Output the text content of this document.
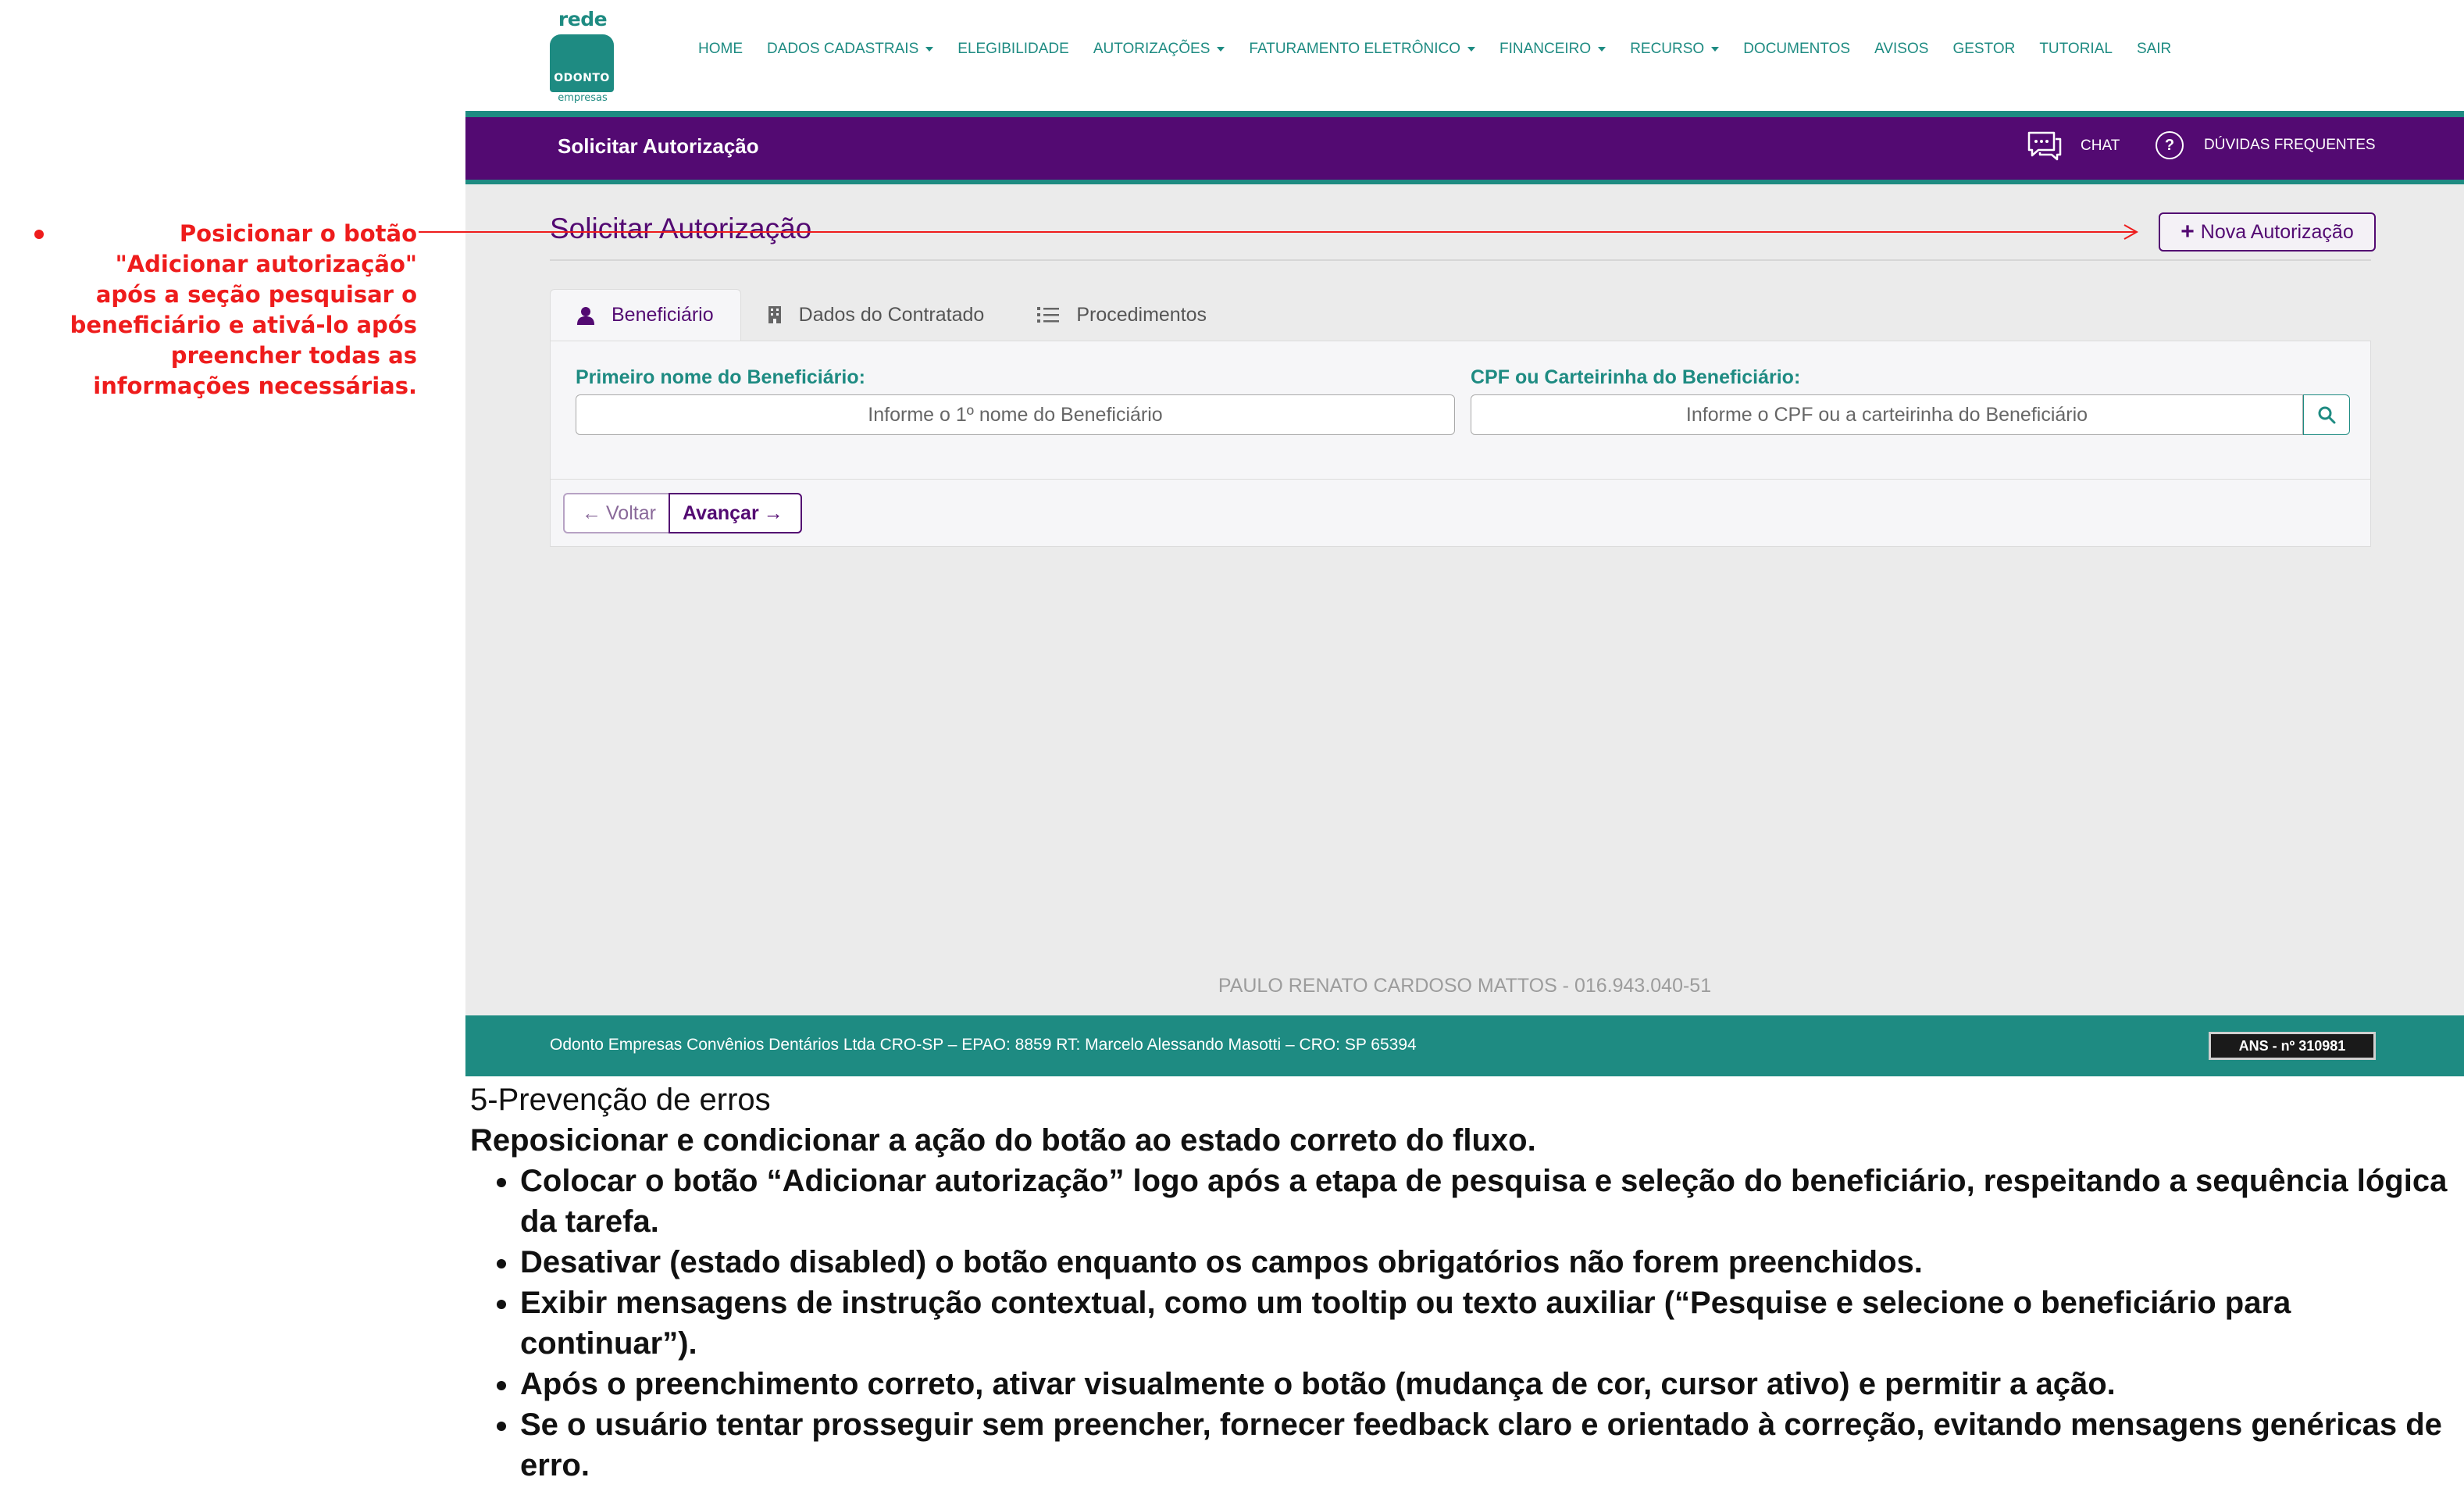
Posicionar o botão "Adicionar autorização" após a seção pesquisar o beneficiário e ativá-lo após preencher todas as informações necessárias.
rede
ODONTO
empresas
HOME DADOS CADASTRAIS	ELEGIBILIDADE AUTORIZAÇÕES	FATURAMENTO ELETRÔNICO	FINANCEIRO	RECURSO	DOCUMENTOS AVISOS GESTOR TUTORIAL SAIR
Solicitar Autorização	CHAT	?	DÚVIDAS FREQUENTES
Solicitar Autorização	+ Nova Autorização
Beneficiário	Dados do Contratado	Procedimentos
Primeiro nome do Beneficiário:
Informe o 1º nome do Beneficiário
CPF ou Carteirinha do Beneficiário:
Informe o CPF ou a carteirinha do Beneficiário
← Voltar Avançar →
PAULO RENATO CARDOSO MATTOS - 016.943.040-51
Odonto Empresas Convênios Dentários Ltda CRO-SP – EPAO: 8859 RT: Marcelo Alessando Masotti – CRO: SP 65394	ANS - nº 310981
5-Prevenção de erros
Reposicionar e condicionar a ação do botão ao estado correto do fluxo.
• Colocar o botão “Adicionar autorização” logo após a etapa de pesquisa e seleção do beneficiário, respeitando a sequência lógica da tarefa.
• Desativar (estado disabled) o botão enquanto os campos obrigatórios não forem preenchidos.
• Exibir mensagens de instrução contextual, como um tooltip ou texto auxiliar (“Pesquise e selecione o beneficiário para continuar”).
• Após o preenchimento correto, ativar visualmente o botão (mudança de cor, cursor ativo) e permitir a ação.
• Se o usuário tentar prosseguir sem preencher, fornecer feedback claro e orientado à correção, evitando mensagens genéricas de erro.
